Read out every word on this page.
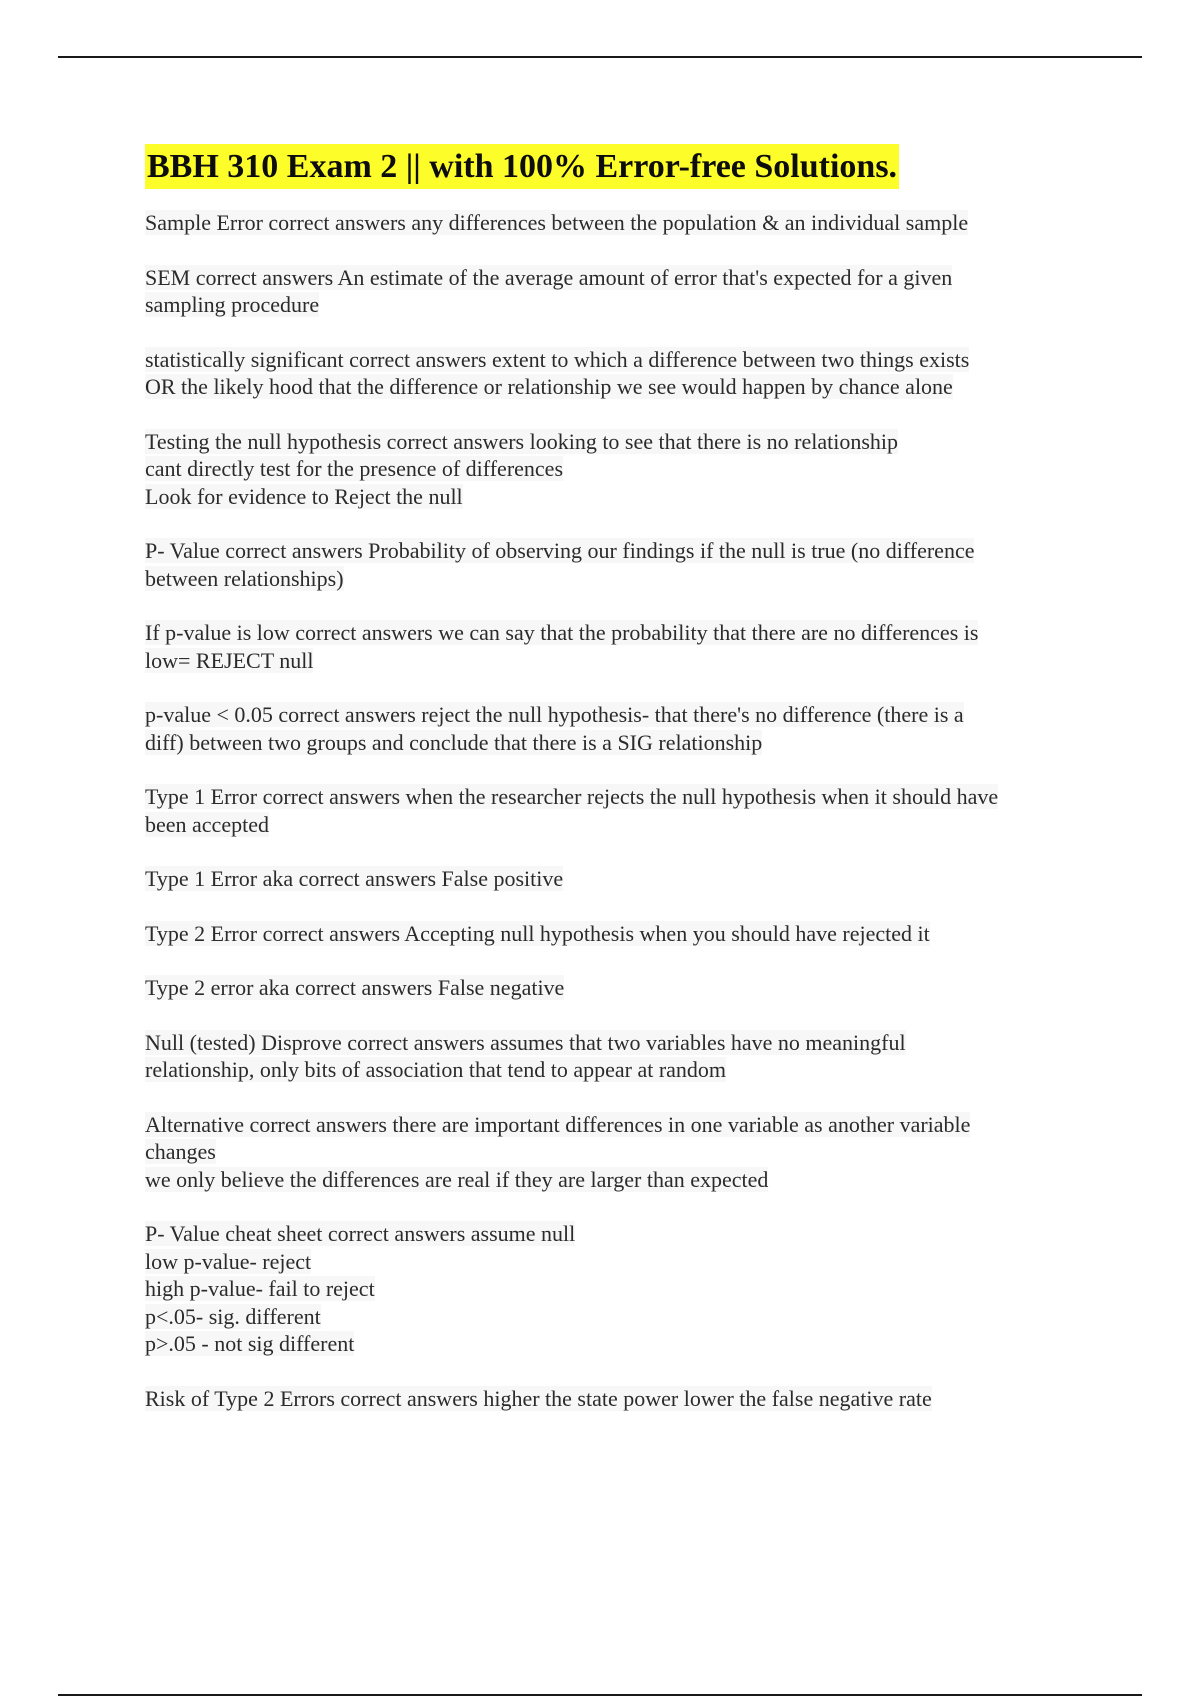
BBH 310 Exam 2 || with 100% Error-free Solutions.
Sample Error correct answers any differences between the population & an individual sample
SEM correct answers An estimate of the average amount of error that's expected for a given
sampling procedure
statistically significant correct answers extent to which a difference between two things exists
OR the likely hood that the difference or relationship we see would happen by chance alone
Testing the null hypothesis correct answers looking to see that there is no relationship
cant directly test for the presence of differences
Look for evidence to Reject the null
P- Value correct answers Probability of observing our findings if the null is true (no difference
between relationships)
If p-value is low correct answers we can say that the probability that there are no differences is
low= REJECT null
p-value < 0.05 correct answers reject the null hypothesis- that there's no difference (there is a
diff) between two groups and conclude that there is a SIG relationship
Type 1 Error correct answers when the researcher rejects the null hypothesis when it should have
been accepted
Type 1 Error aka correct answers False positive
Type 2 Error correct answers Accepting null hypothesis when you should have rejected it
Type 2 error aka correct answers False negative
Null (tested) Disprove correct answers assumes that two variables have no meaningful
relationship, only bits of association that tend to appear at random
Alternative correct answers there are important differences in one variable as another variable
changes
we only believe the differences are real if they are larger than expected
P- Value cheat sheet correct answers assume null
low p-value- reject
high p-value- fail to reject
p<.05- sig. different
p>.05 - not sig different
Risk of Type 2 Errors correct answers higher the state power lower the false negative rate
